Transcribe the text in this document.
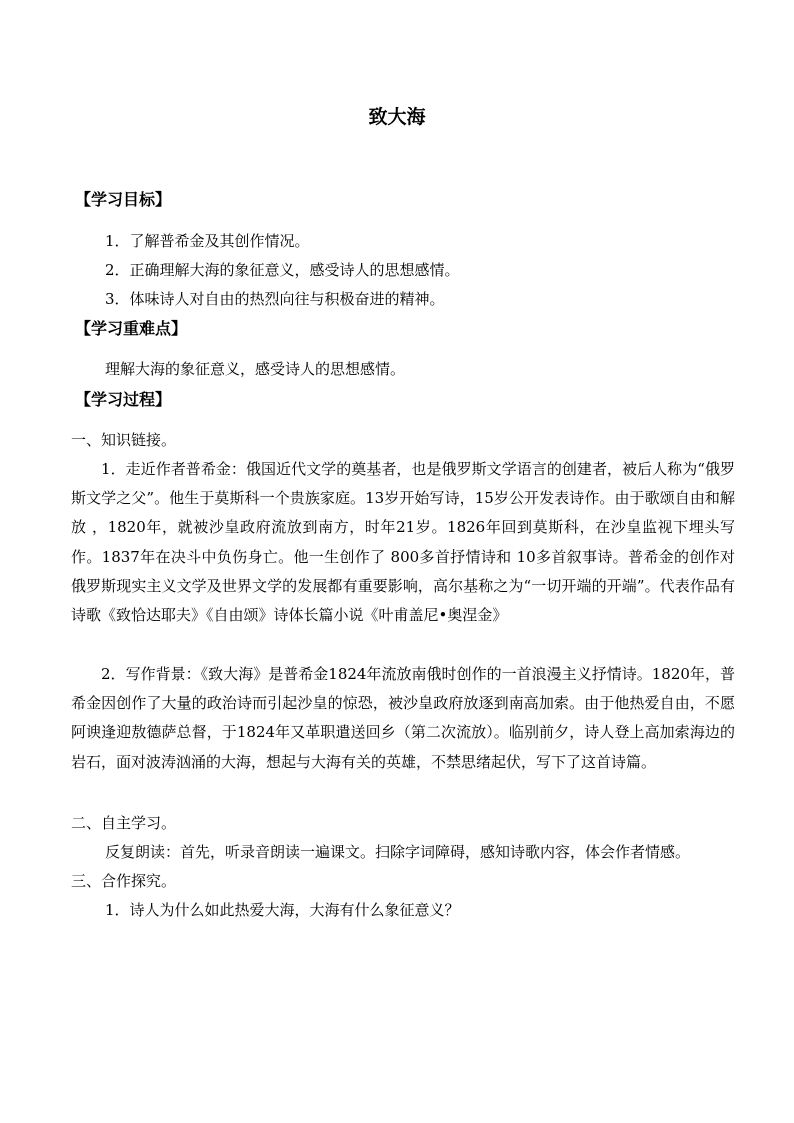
致大海
【学习目标】
1．了解普希金及其创作情况。
2．正确理解大海的象征意义，感受诗人的思想感情。
3．体味诗人对自由的热烈向往与积极奋进的精神。
【学习重难点】
理解大海的象征意义，感受诗人的思想感情。
【学习过程】
一、知识链接。
1．走近作者普希金：俄国近代文学的奠基者，也是俄罗斯文学语言的创建者，被后人称为“俄罗斯文学之父”。他生于莫斯科一个贵族家庭。13岁开始写诗，15岁公开发表诗作。由于歌颂自由和解放 ，1820年，就被沙皇政府流放到南方，时年21岁。1826年回到莫斯科，在沙皇监视下埋头写作。1837年在决斗中负伤身亡。他一生创作了 800多首抒情诗和 10多首叙事诗。普希金的创作对俄罗斯现实主义文学及世界文学的发展都有重要影响，高尔基称之为“一切开端的开端”。代表作品有诗歌《致恰达耶夫》《自由颂》诗体长篇小说《叶甫盖尼•奥涅金》
2．写作背景：《致大海》是普希金1824年流放南俄时创作的一首浪漫主义抒情诗。1820年，普希金因创作了大量的政治诗而引起沙皇的惊恐，被沙皇政府放逐到南高加索。由于他热爱自由，不愿阿谀逢迎敖德萨总督，于1824年又革职遣送回乡（第二次流放）。临别前夕，诗人登上高加索海边的岩石，面对波涛汹涌的大海，想起与大海有关的英雄，不禁思绪起伏，写下了这首诗篇。
二、自主学习。
反复朗读：首先，听录音朗读一遍课文。扫除字词障碍，感知诗歌内容，体会作者情感。
三、合作探究。
1．诗人为什么如此热爱大海，大海有什么象征意义？
